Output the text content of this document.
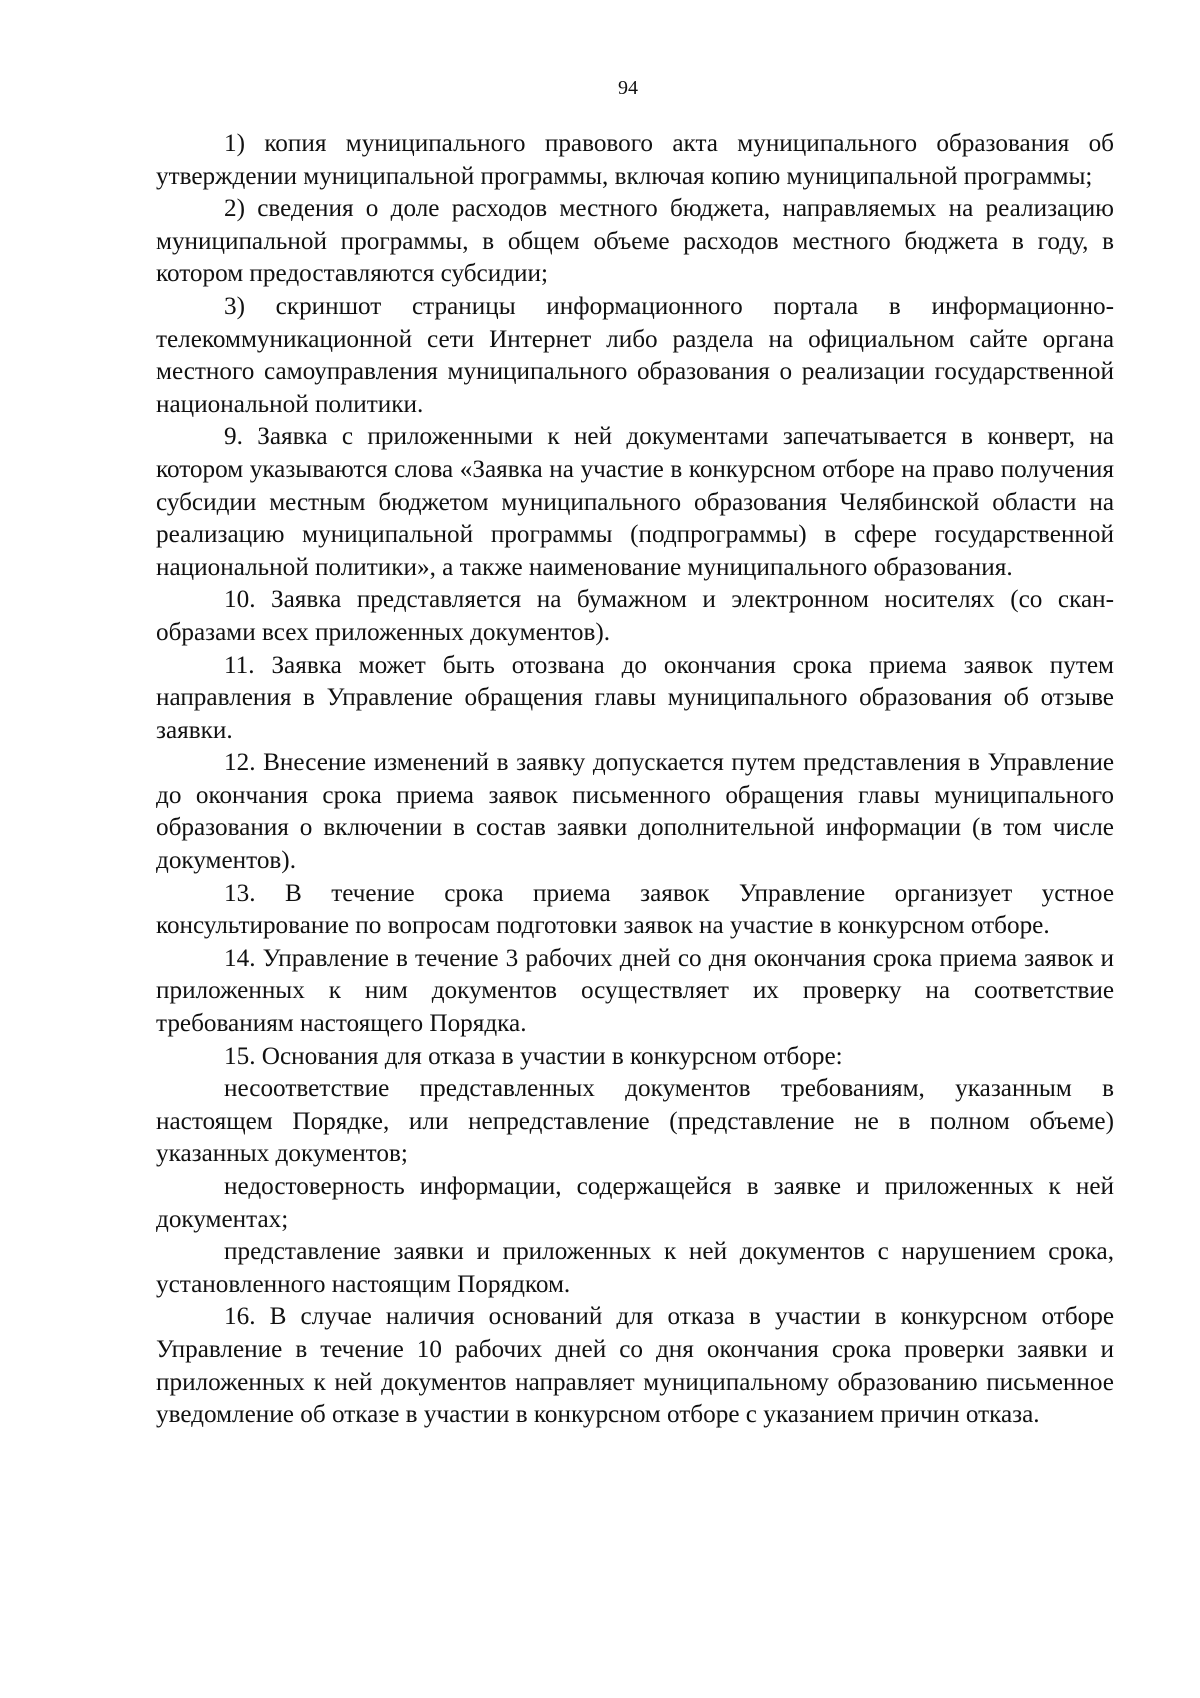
94

1) копия муниципального правового акта муниципального образования об утверждении муниципальной программы, включая копию муниципальной программы;

2) сведения о доле расходов местного бюджета, направляемых на реализацию муниципальной программы, в общем объеме расходов местного бюджета в году, в котором предоставляются субсидии;

3) скриншот страницы информационного портала в информационно-телекоммуникационной сети Интернет либо раздела на официальном сайте органа местного самоуправления муниципального образования о реализации государственной национальной политики.

9. Заявка с приложенными к ней документами запечатывается в конверт, на котором указываются слова «Заявка на участие в конкурсном отборе на право получения субсидии местным бюджетом муниципального образования Челябинской области на реализацию муниципальной программы (подпрограммы) в сфере государственной национальной политики», а также наименование муниципального образования.

10. Заявка представляется на бумажном и электронном носителях (со скан-образами всех приложенных документов).

11. Заявка может быть отозвана до окончания срока приема заявок путем направления в Управление обращения главы муниципального образования об отзыве заявки.

12. Внесение изменений в заявку допускается путем представления в Управление до окончания срока приема заявок письменного обращения главы муниципального образования о включении в состав заявки дополнительной информации (в том числе документов).

13. В течение срока приема заявок Управление организует устное консультирование по вопросам подготовки заявок на участие в конкурсном отборе.

14. Управление в течение 3 рабочих дней со дня окончания срока приема заявок и приложенных к ним документов осуществляет их проверку на соответствие требованиям настоящего Порядка.

15. Основания для отказа в участии в конкурсном отборе:

несоответствие представленных документов требованиям, указанным в настоящем Порядке, или непредставление (представление не в полном объеме) указанных документов;

недостоверность информации, содержащейся в заявке и приложенных к ней документах;

представление заявки и приложенных к ней документов с нарушением срока, установленного настоящим Порядком.

16. В случае наличия оснований для отказа в участии в конкурсном отборе Управление в течение 10 рабочих дней со дня окончания срока проверки заявки и приложенных к ней документов направляет муниципальному образованию письменное уведомление об отказе в участии в конкурсном отборе с указанием причин отказа.
